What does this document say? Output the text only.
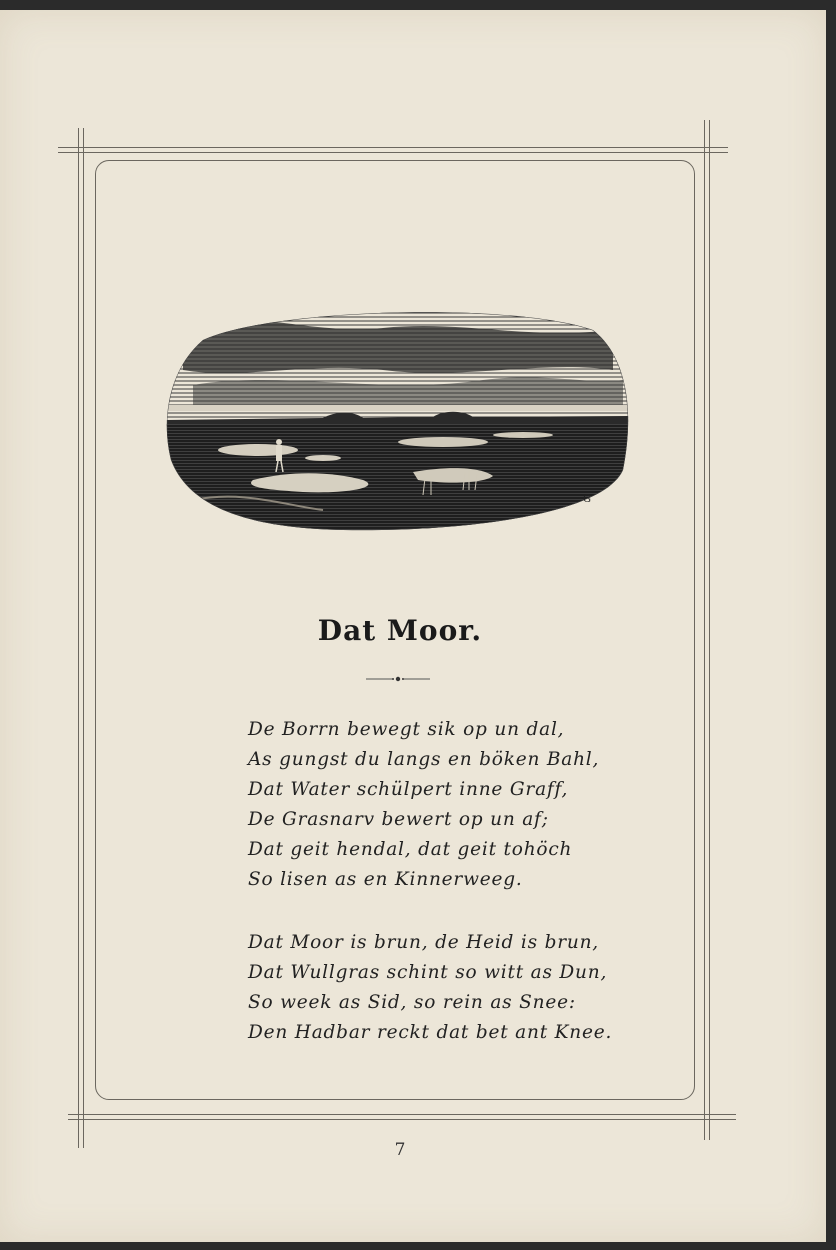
G
Dat Moor.
De Borrn bewegt sik op un dal,
As gungst du langs en böken Bahl,
Dat Water schülpert inne Graff,
De Grasnarv bewert op un af;
Dat geit hendal, dat geit tohöch
So lisen as en Kinnerweeg.
Dat Moor is brun, de Heid is brun,
Dat Wullgras schint so witt as Dun,
So week as Sid, so rein as Snee:
Den Hadbar reckt dat bet ant Knee.
7
